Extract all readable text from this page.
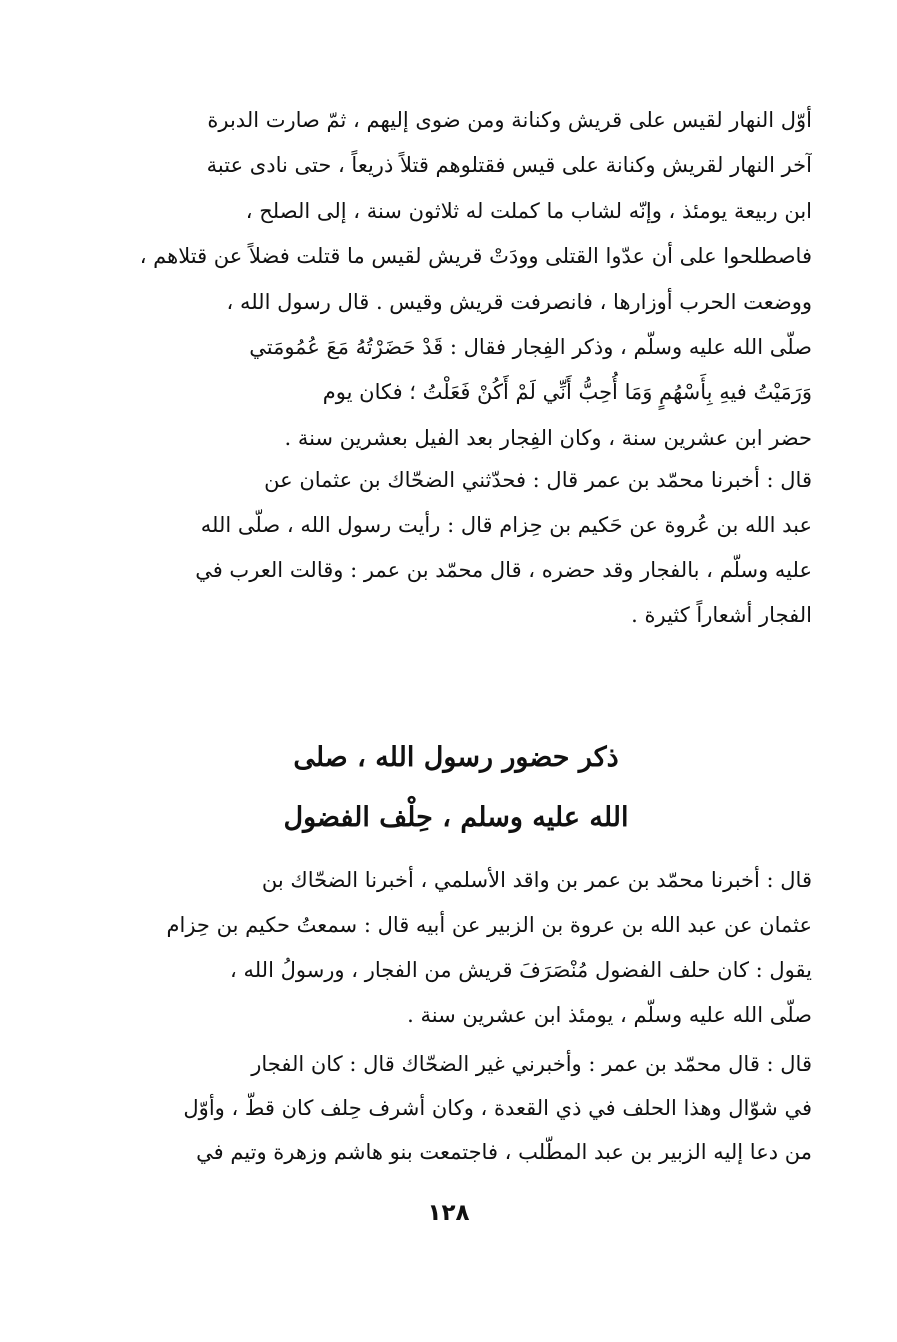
أوّل النهار لقيس على قريش وكنانة ومن ضوى إليهم ، ثمّ صارت الدبرة
آخر النهار لقريش وكنانة على قيس فقتلوهم قتلاً ذريعاً ، حتى نادى عتبة
ابن ربيعة يومئذ ، وإنّه لشاب ما كملت له ثلاثون سنة ، إلى الصلح ،
فاصطلحوا على أن عدّوا القتلى وودَتْ قريش لقيس ما قتلت فضلاً عن قتلاهم ،
ووضعت الحرب أوزارها ، فانصرفت قريش وقيس . قال رسول الله ،
صلّى الله عليه وسلّم ، وذكر الفِجار فقال : قَدْ حَضَرْتُهُ مَعَ عُمُومَتي
وَرَمَيْتُ فيهِ بِأَسْهُمٍ وَمَا أُحِبُّ أَنِّي لَمْ أَكُنْ فَعَلْتُ ؛ فكان يوم
حضر ابن عشرين سنة ، وكان الفِجار بعد الفيل بعشرين سنة .
قال : أخبرنا محمّد بن عمر قال : فحدّثني الضحّاك بن عثمان عن
عبد الله بن عُروة عن حَكيم بن حِزام قال : رأيت رسول الله ، صلّى الله
عليه وسلّم ، بالفجار وقد حضره ، قال محمّد بن عمر : وقالت العرب في
الفجار أشعاراً كثيرة .
ذكر حضور رسول الله ، صلى
الله عليه وسلم ، حِلْف الفضول
قال : أخبرنا محمّد بن عمر بن واقد الأسلمي ، أخبرنا الضحّاك بن
عثمان عن عبد الله بن عروة بن الزبير عن أبيه قال : سمعتُ حكيم بن حِزام
يقول : كان حلف الفضول مُنْصَرَفَ قريش من الفجار ، ورسولُ الله ،
صلّى الله عليه وسلّم ، يومئذ ابن عشرين سنة .
قال : قال محمّد بن عمر : وأخبرني غير الضحّاك قال : كان الفجار
في شوّال وهذا الحلف في ذي القعدة ، وكان أشرف حِلف كان قطّ ، وأوّل
من دعا إليه الزبير بن عبد المطّلب ، فاجتمعت بنو هاشم وزهرة وتيم في
١٢٨
